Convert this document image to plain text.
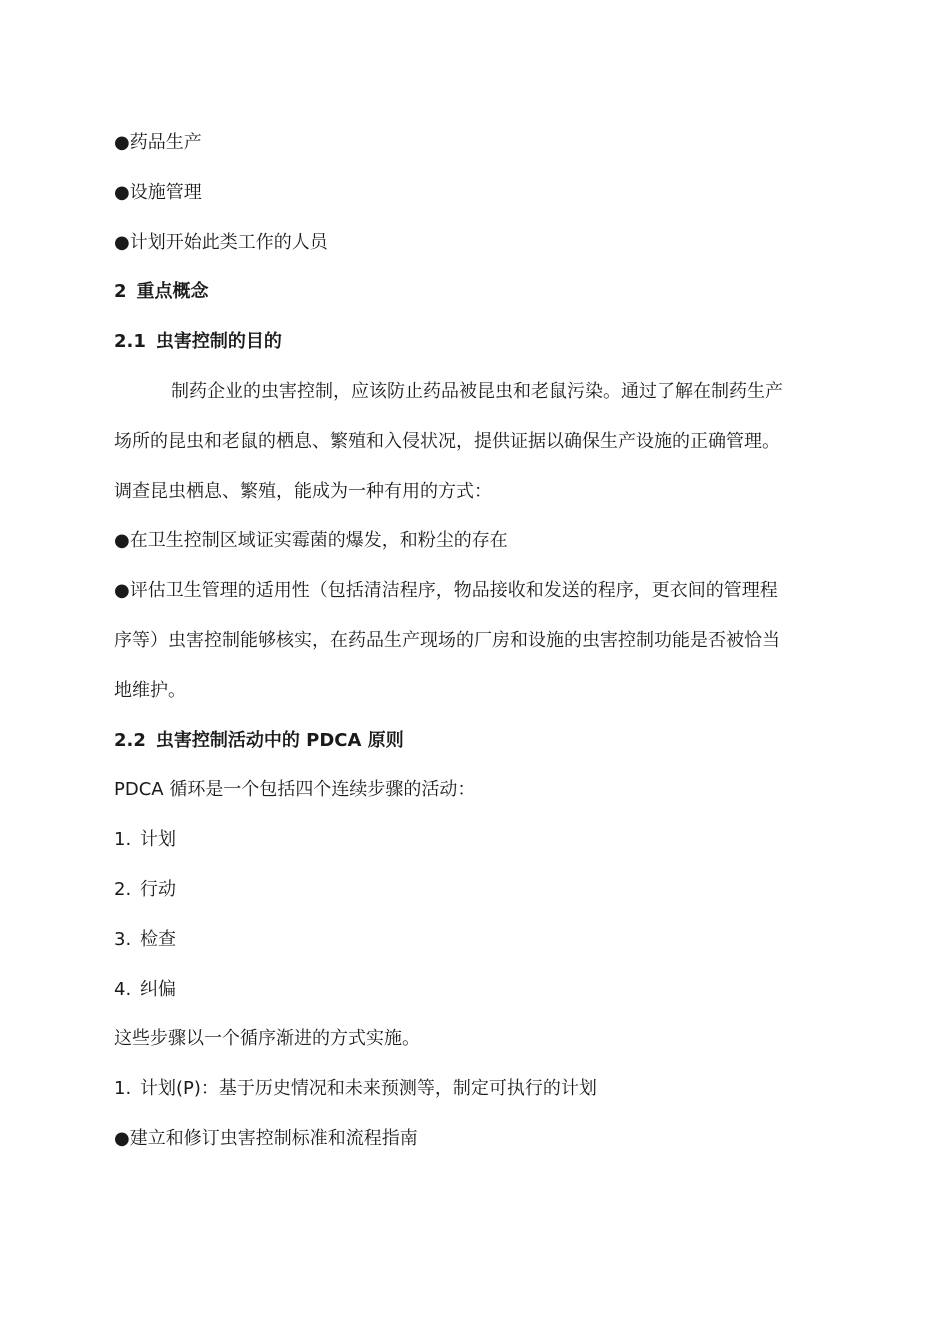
●药品生产

●设施管理

●计划开始此类工作的人员

2 重点概念

2.1 虫害控制的目的

制药企业的虫害控制，应该防止药品被昆虫和老鼠污染。通过了解在制药生产

场所的昆虫和老鼠的栖息、繁殖和入侵状况，提供证据以确保生产设施的正确管理。

调查昆虫栖息、繁殖，能成为一种有用的方式：

●在卫生控制区域证实霉菌的爆发，和粉尘的存在

●评估卫生管理的适用性（包括清洁程序，物品接收和发送的程序，更衣间的管理程

序等）虫害控制能够核实，在药品生产现场的厂房和设施的虫害控制功能是否被恰当

地维护。

2.2 虫害控制活动中的 PDCA 原则

PDCA 循环是一个包括四个连续步骤的活动：

1. 计划

2. 行动

3. 检查

4. 纠偏

这些步骤以一个循序渐进的方式实施。

1. 计划(P)：基于历史情况和未来预测等，制定可执行的计划

●建立和修订虫害控制标准和流程指南
